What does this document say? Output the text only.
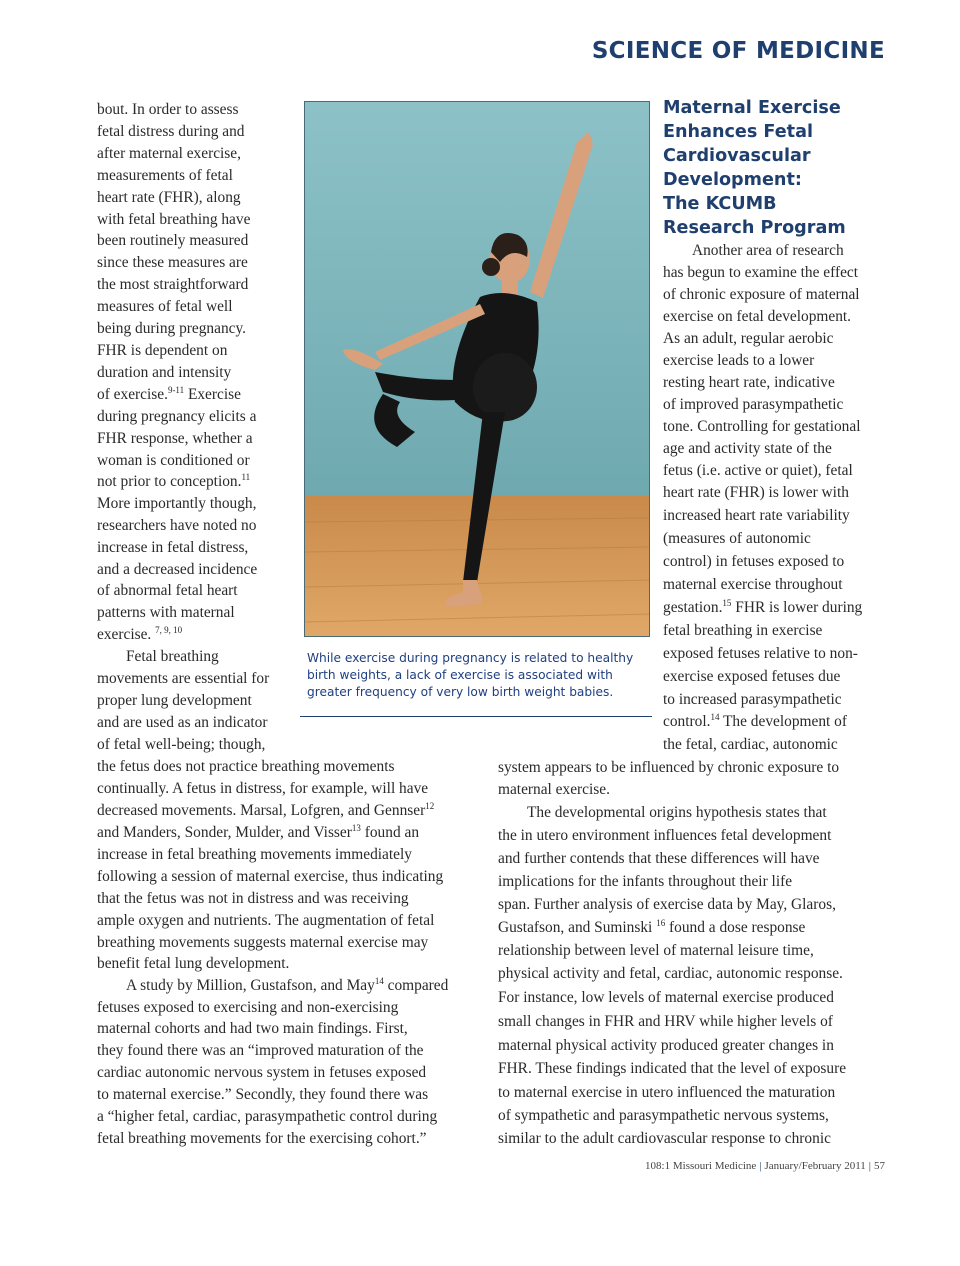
SCIENCE OF MEDICINE
bout. In order to assess
fetal distress during and
after maternal exercise,
measurements of fetal
heart rate (FHR), along
with fetal breathing have
been routinely measured
since these measures are
the most straightforward
measures of fetal well
being during pregnancy.
FHR is dependent on
duration and intensity
of exercise.$^{9-11}$ Exercise
during pregnancy elicits a
FHR response, whether a
woman is conditioned or
not prior to conception.$^{11}$
More importantly though,
researchers have noted no
increase in fetal distress,
and a decreased incidence
of abnormal fetal heart
patterns with maternal
exercise. $^{7, 9, 10}$
Fetal breathing
movements are essential for
proper lung development
and are used as an indicator
of fetal well-being; though,
While exercise during pregnancy is related to healthy birth weights, a lack of exercise is associated with greater frequency of very low birth weight babies.
Maternal Exercise
Enhances Fetal
Cardiovascular
Development:
The KCUMB
Research Program
Another area of research
has begun to examine the effect
of chronic exposure of maternal
exercise on fetal development.
As an adult, regular aerobic
exercise leads to a lower
resting heart rate, indicative
of improved parasympathetic
tone. Controlling for gestational
age and activity state of the
fetus (i.e. active or quiet), fetal
heart rate (FHR) is lower with
increased heart rate variability
(measures of autonomic
control) in fetuses exposed to
maternal exercise throughout
gestation.$^{15}$ FHR is lower during
fetal breathing in exercise
exposed fetuses relative to non-
exercise exposed fetuses due
to increased parasympathetic
control.$^{14}$ The development of
the fetal, cardiac, autonomic
the fetus does not practice breathing movements
continually. A fetus in distress, for example, will have
decreased movements. Marsal, Lofgren, and Gennser$^{12}$
and Manders, Sonder, Mulder, and Visser$^{13}$ found an
increase in fetal breathing movements immediately
following a session of maternal exercise, thus indicating
that the fetus was not in distress and was receiving
ample oxygen and nutrients. The augmentation of fetal
breathing movements suggests maternal exercise may
benefit fetal lung development.
A study by Million, Gustafson, and May$^{14}$ compared
fetuses exposed to exercising and non-exercising
maternal cohorts and had two main findings. First,
they found there was an “improved maturation of the
cardiac autonomic nervous system in fetuses exposed
to maternal exercise.” Secondly, they found there was
a “higher fetal, cardiac, parasympathetic control during
fetal breathing movements for the exercising cohort.”
system appears to be influenced by chronic exposure to
maternal exercise.
The developmental origins hypothesis states that
the in utero environment influences fetal development
and further contends that these differences will have
implications for the infants throughout their life
span. Further analysis of exercise data by May, Glaros,
Gustafson, and Suminski $^{16}$ found a dose response
relationship between level of maternal leisure time,
physical activity and fetal, cardiac, autonomic response.
For instance, low levels of maternal exercise produced
small changes in FHR and HRV while higher levels of
maternal physical activity produced greater changes in
FHR. These findings indicated that the level of exposure
to maternal exercise in utero influenced the maturation
of sympathetic and parasympathetic nervous systems,
similar to the adult cardiovascular response to chronic
108:1 Missouri Medicine | January/February 2011 | 57
